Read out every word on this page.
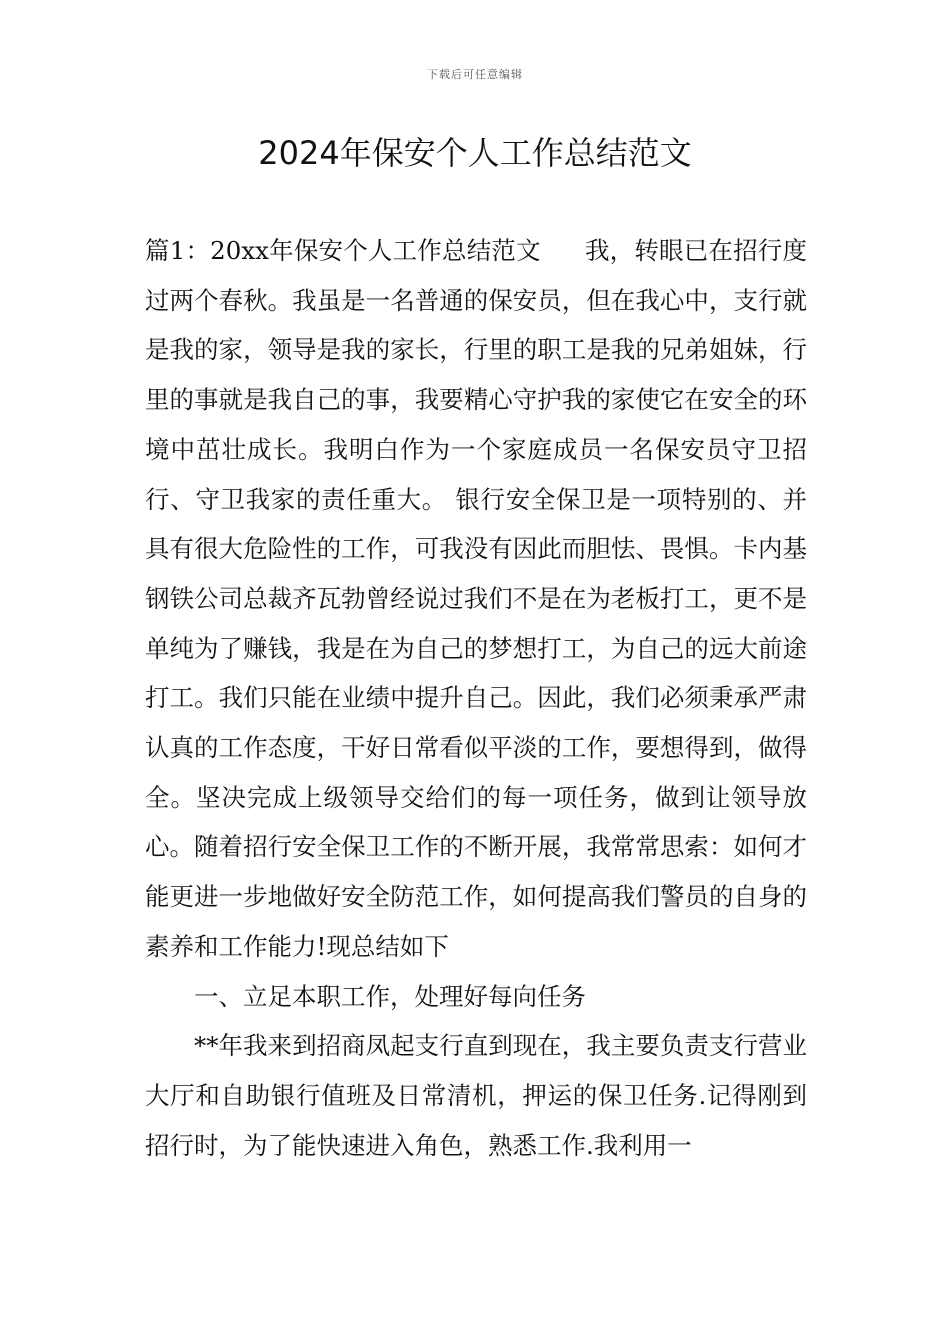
下载后可任意编辑
2024年保安个人工作总结范文

篇1：20xx年保安个人工作总结范文 我，转眼已在招行度过两个春秋。我虽是一名普通的保安员，但在我心中，支行就是我的家，领导是我的家长，行里的职工是我的兄弟姐妹，行里的事就是我自己的事，我要精心守护我的家使它在安全的环境中茁壮成长。我明白作为一个家庭成员一名保安员守卫招行、守卫我家的责任重大。 银行安全保卫是一项特别的、并具有很大危险性的工作，可我没有因此而胆怯、畏惧。卡内基钢铁公司总裁齐瓦勃曾经说过我们不是在为老板打工，更不是单纯为了赚钱，我是在为自己的梦想打工，为自己的远大前途打工。我们只能在业绩中提升自己。因此，我们必须秉承严肃认真的工作态度，干好日常看似平淡的工作，要想得到，做得全。坚决完成上级领导交给们的每一项任务，做到让领导放心。随着招行安全保卫工作的不断开展，我常常思索：如何才能更进一步地做好安全防范工作，如何提高我们警员的自身的素养和工作能力!现总结如下

一、立足本职工作，处理好每向任务

**年我来到招商凤起支行直到现在，我主要负责支行营业大厅和自助银行值班及日常清机，押运的保卫任务.记得刚到招行时，为了能快速进入角色，熟悉工作.我利用一
